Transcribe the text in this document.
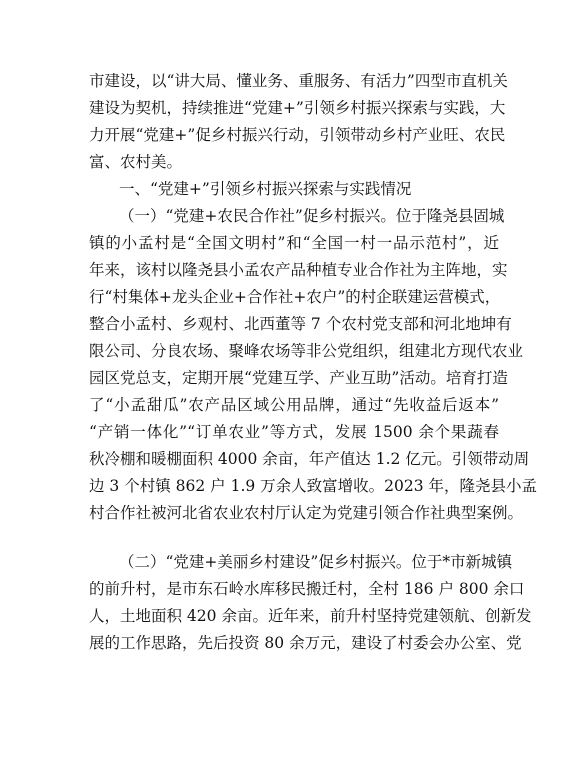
市建设，以“讲大局、懂业务、重服务、有活力”四型市直机关
建设为契机，持续推进“党建+”引领乡村振兴探索与实践，大
力开展“党建+”促乡村振兴行动，引领带动乡村产业旺、农民
富、农村美。
一、“党建+”引领乡村振兴探索与实践情况
（一）“党建+农民合作社”促乡村振兴。位于隆尧县固城
镇的小孟村是“全国文明村”和“全国一村一品示范村”，近
年来，该村以隆尧县小孟农产品种植专业合作社为主阵地，实
行“村集体+龙头企业+合作社+农户”的村企联建运营模式，
整合小孟村、乡观村、北西董等 7 个农村党支部和河北地坤有
限公司、分良农场、聚峰农场等非公党组织，组建北方现代农业
园区党总支，定期开展“党建互学、产业互助”活动。培育打造
了“小孟甜瓜”农产品区域公用品牌，通过“先收益后返本”
“产销一体化”“订单农业”等方式，发展 1500 余个果蔬春
秋冷棚和暖棚面积 4000 余亩，年产值达 1.2 亿元。引领带动周
边 3 个村镇 862 户 1.9 万余人致富增收。2023 年，隆尧县小孟
村合作社被河北省农业农村厅认定为党建引领合作社典型案例。
（二）“党建+美丽乡村建设”促乡村振兴。位于*市新城镇
的前升村，是市东石岭水库移民搬迁村，全村 186 户 800 余口
人，土地面积 420 余亩。近年来，前升村坚持党建领航、创新发
展的工作思路，先后投资 80 余万元，建设了村委会办公室、党
